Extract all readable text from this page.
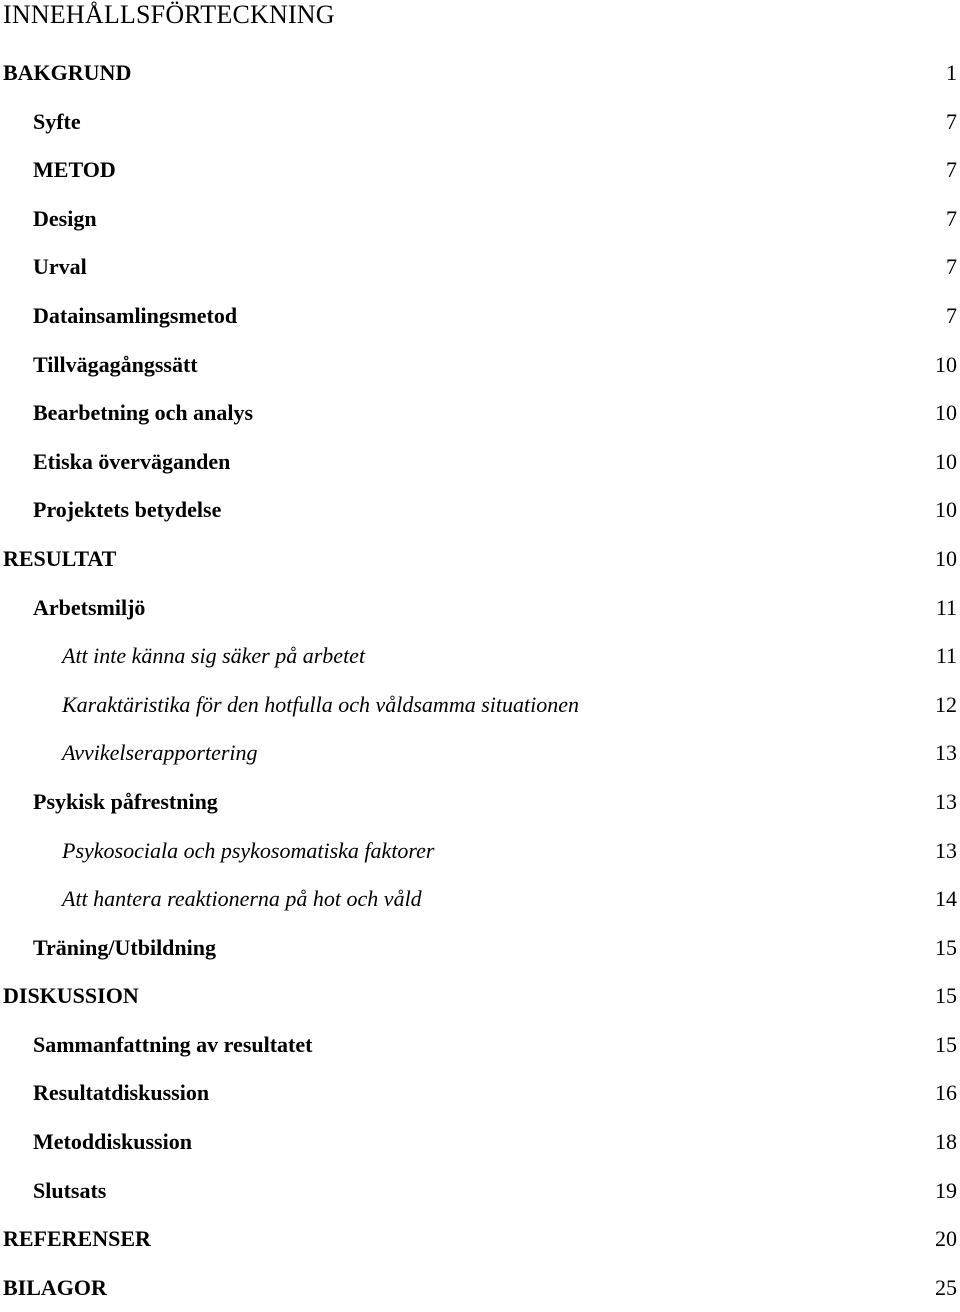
INNEHÅLLSFÖRTECKNING
BAKGRUND	1
Syfte	7
METOD	7
Design	7
Urval	7
Datainsamlingsmetod	7
Tillvägagångssätt	10
Bearbetning och analys	10
Etiska överväganden	10
Projektets betydelse	10
RESULTAT	10
Arbetsmiljö	11
Att inte känna sig säker på arbetet	11
Karaktäristika för den hotfulla och våldsamma situationen	12
Avvikelserapportering	13
Psykisk påfrestning	13
Psykosociala och psykosomatiska faktorer	13
Att hantera reaktionerna på hot och våld	14
Träning/Utbildning	15
DISKUSSION	15
Sammanfattning av resultatet	15
Resultatdiskussion	16
Metoddiskussion	18
Slutsats	19
REFERENSER	20
BILAGOR	25
